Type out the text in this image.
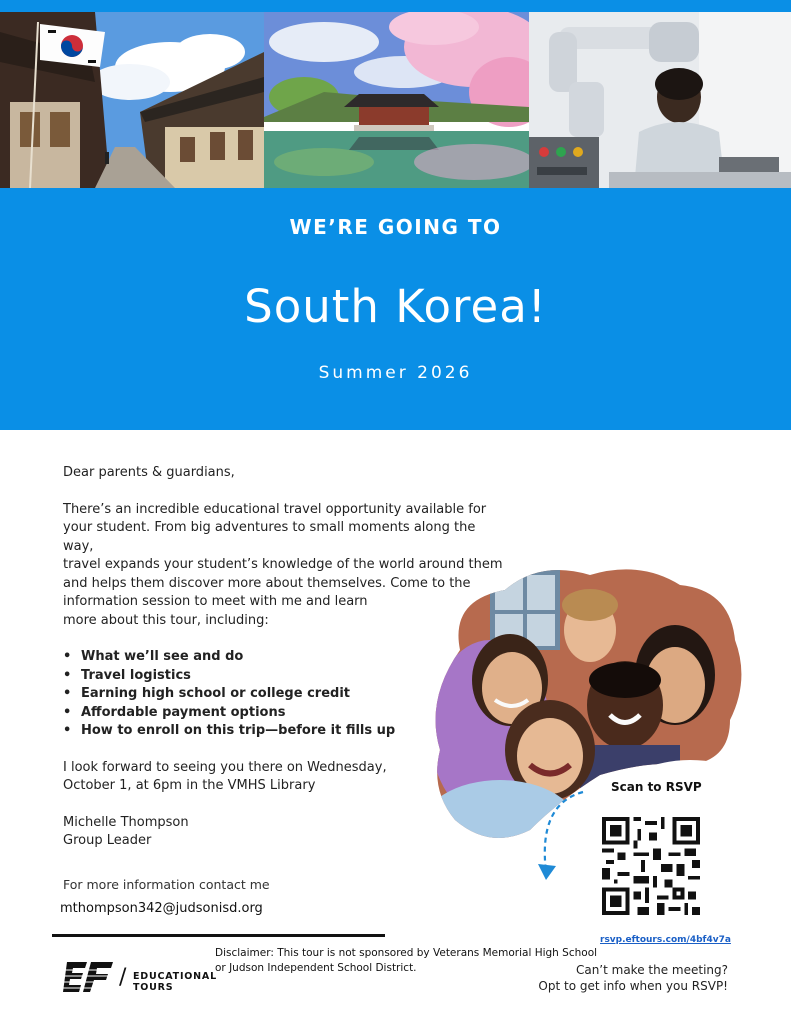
WE’RE GOING TO
South Korea!
Summer 2026

Dear parents & guardians,

There’s an incredible educational travel opportunity available for
your student. From big adventures to small moments along the way,
travel expands your student’s knowledge of the world around them
and helps them discover more about themselves. Come to the
information session to meet with me and learn
more about this tour, including:

• What we’ll see and do
• Travel logistics
• Earning high school or college credit
• Affordable payment options
• How to enroll on this trip—before it fills up

I look forward to seeing you there on Wednesday,
October 1, at 6pm in the VMHS Library

Michelle Thompson
Group Leader

For more information contact me
mthompson342@judsonisd.org
Scan to RSVP
rsvp.eftours.com/4bf4v7a
Disclaimer: This tour is not sponsored by Veterans Memorial High School
or Judson Independent School District.	Can’t make the meeting?
Opt to get info when you RSVP!
/ EDUCATIONAL
TOURS
